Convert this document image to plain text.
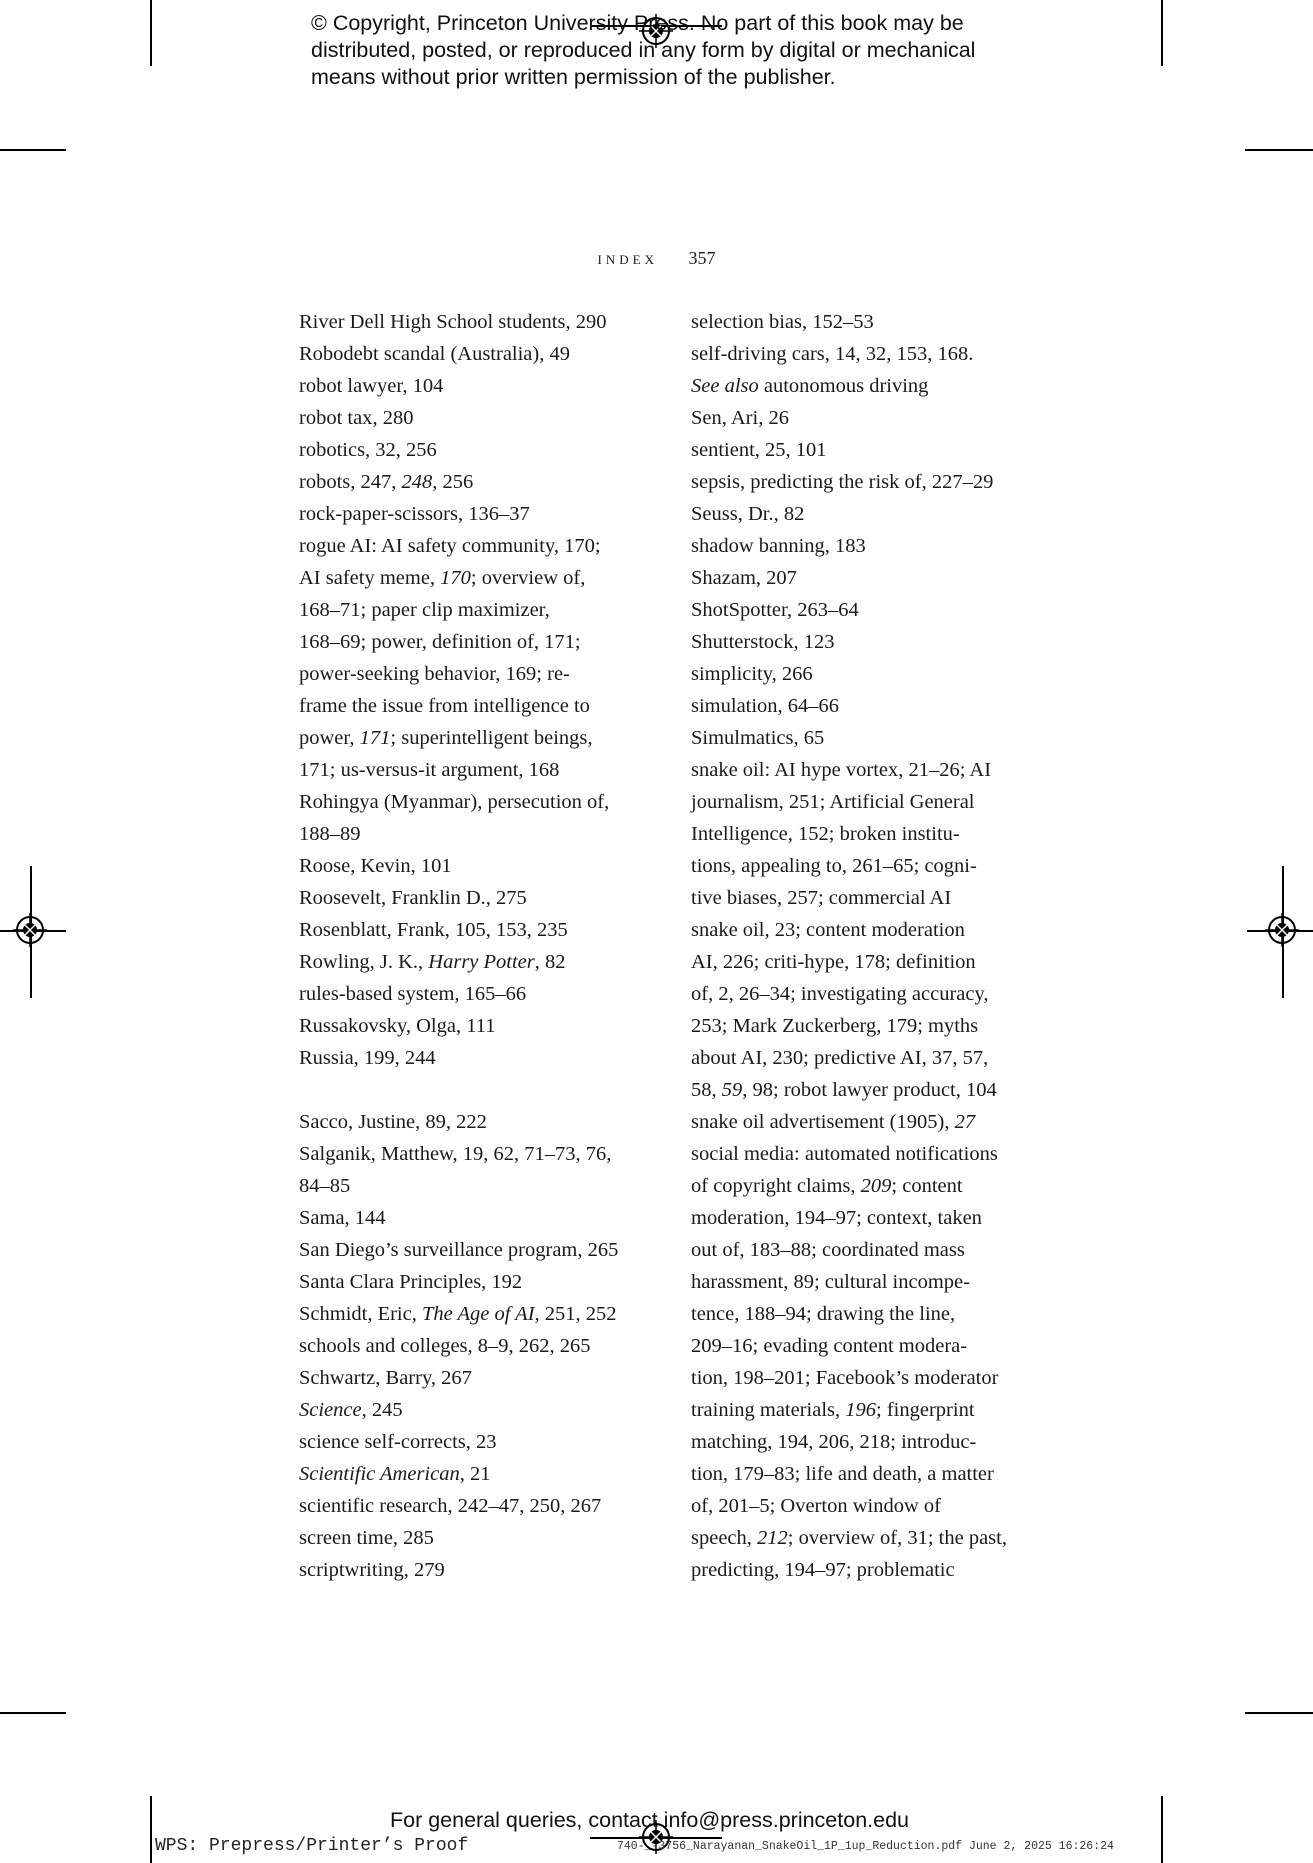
© Copyright, Princeton University Press. No part of this book may be
distributed, posted, or reproduced in any form by digital or mechanical
means without prior written permission of the publisher.
index 357

River Dell High School students, 290

Robodebt scandal (Australia), 49

robot lawyer, 104

robot tax, 280

robotics, 32, 256

robots, 247, 248, 256

rock-paper-scissors, 136–37

rogue AI: AI safety community, 170;
AI safety meme, 170; overview of,
168–71; paper clip maximizer,
168–69; power, definition of, 171;
power-seeking behavior, 169; re-
frame the issue from intelligence to
power, 171; superintelligent beings,
171; us-versus-it argument, 168

Rohingya (Myanmar), persecution of,
188–89

Roose, Kevin, 101

Roosevelt, Franklin D., 275

Rosenblatt, Frank, 105, 153, 235

Rowling, J. K., Harry Potter, 82

rules-based system, 165–66

Russakovsky, Olga, 111

Russia, 199, 244

Sacco, Justine, 89, 222

Salganik, Matthew, 19, 62, 71–73, 76,
84–85

Sama, 144

San Diego’s surveillance program, 265

Santa Clara Principles, 192

Schmidt, Eric, The Age of AI, 251, 252

schools and colleges, 8–9, 262, 265

Schwartz, Barry, 267

Science, 245

science self-corrects, 23

Scientific American, 21

scientific research, 242–47, 250, 267

screen time, 285

scriptwriting, 279

selection bias, 152–53

self-driving cars, 14, 32, 153, 168.
See also autonomous driving

Sen, Ari, 26

sentient, 25, 101

sepsis, predicting the risk of, 227–29

Seuss, Dr., 82

shadow banning, 183

Shazam, 207

ShotSpotter, 263–64

Shutterstock, 123

simplicity, 266

simulation, 64–66

Simulmatics, 65

snake oil: AI hype vortex, 21–26; AI
journalism, 251; Artificial General
Intelligence, 152; broken institu-
tions, appealing to, 261–65; cogni-
tive biases, 257; commercial AI
snake oil, 23; content moderation
AI, 226; criti-hype, 178; definition
of, 2, 26–34; investigating accuracy,
253; Mark Zuckerberg, 179; myths
about AI, 230; predictive AI, 37, 57,
58, 59, 98; robot lawyer product, 104

snake oil advertisement (1905), 27

social media: automated notifications
of copyright claims, 209; content
moderation, 194–97; context, taken
out of, 183–88; coordinated mass
harassment, 89; cultural incompe-
tence, 188–94; drawing the line,
209–16; evading content modera-
tion, 198–201; Facebook’s moderator
training materials, 196; fingerprint
matching, 194, 206, 218; introduc-
tion, 179–83; life and death, a matter
of, 201–5; Overton window of
speech, 212; overview of, 31; the past,
predicting, 194–97; problematic

For general queries, contact info@press.princeton.edu
WPS: Prepress/Printer’s Proof	740-_-3756_Narayanan_SnakeOil_1P_1up_Reduction.pdf June 2, 2025 16:26:24
